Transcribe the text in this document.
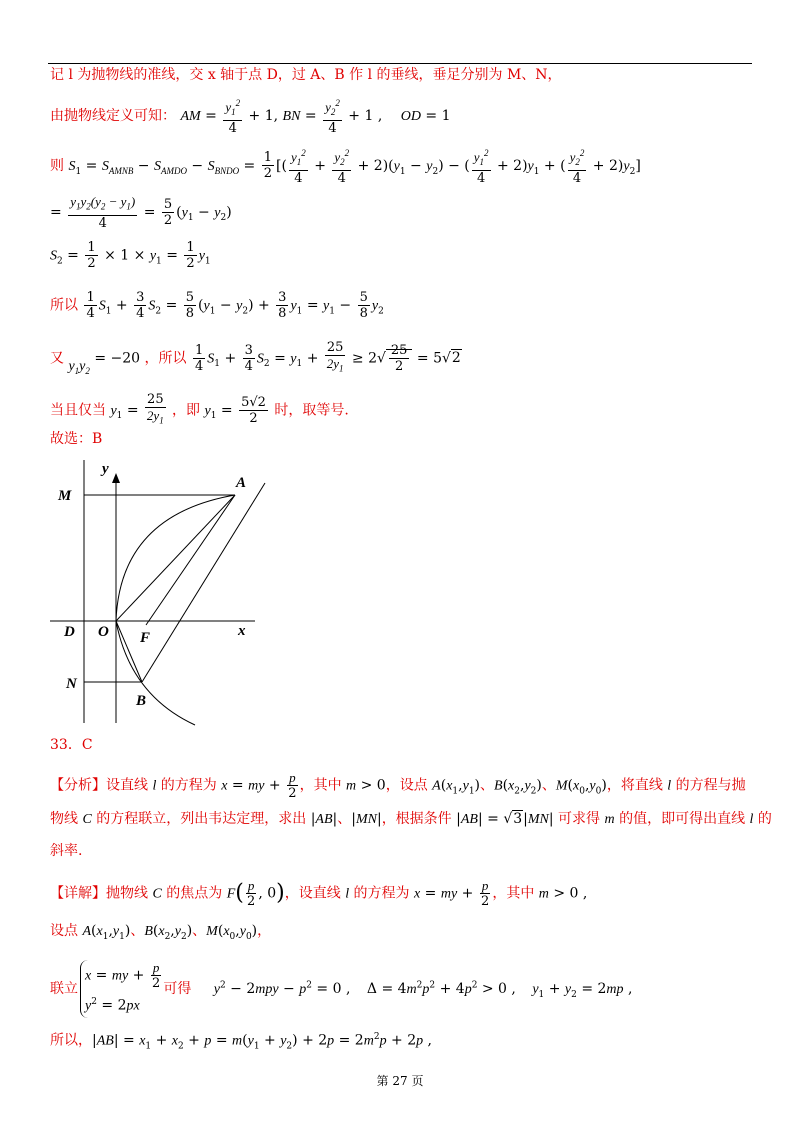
记 l 为抛物线的准线，交 x 轴于点 D，过 A、B 作 l 的垂线，垂足分别为 M、N，
由抛物线定义可知： AM = $\frac{y_1^2}{4} + 1$, BN = $\frac{y_2^2}{4} + 1$ , OD = 1
则 $S_1 = S_{AMNB} - S_{AMDO} - S_{BNDO} = \frac{1}{2}$ [( $\frac{y_1^2}{4} + \frac{y_2^2}{4} + 2)(y_1 - y_2)$ − ( $\frac{y_1^2}{4} + 2)y_1$ + ( $\frac{y_2^2}{4} + 2)y_2$]
= $\frac{y_1y_2(y_2 - y_1)}{4} = \frac{5}{2} (y_1 - y_2)$
$S_2 = \frac{1}{2} \times 1 \times y_1 = \frac{1}{2} y_1$
所以 $\frac{1}{4} S_1 + \frac{3}{4} S_2 = \frac{5}{8} (y_1 - y_2) + \frac{3}{8} y_1 = y_1 - \frac{5}{8} y_2$
又 $y_1y_2 = -20$ ，所以 $\frac{1}{4} S_1 + \frac{3}{4} S_2 = y_1 + \frac{25}{2y_1} \ge 2√ \frac{25}{2} = 5√2$
当且仅当 $y_1 = \frac{25}{2y_1}$ ，即 $y_1 = \frac{5√2}{2}$ 时，取等号.
故选：B
y
x
M
A
D O F
N
B
33．C
【分析】设直线 l 的方程为 x = my + $\frac{p}{2}$ ，其中 m > 0，设点 $A(x_1,y_1)$、$B(x_2,y_2)$、$M(x_0,y_0)$，将直线 l 的方程与抛
物线 C 的方程联立，列出韦达定理，求出 |AB|、|MN|，根据条件 |AB| = √3|MN| 可求得 m 的值，即可得出直线 l 的
斜率.
【详解】抛物线 C 的焦点为 $F( \frac{p}{2}$ , 0)，设直线 l 的方程为 x = my + $\frac{p}{2}$ ，其中 m > 0 ,
设点 $A(x_1,y_1)$、$B(x_2,y_2)$、$M(x_0,y_0)$，
联立x = my + $\frac{p}{2}$

$y^2 = 2px$可得 $y^2 - 2mpy - p^2 = 0$ , $\Delta = 4m^2p^2 + 4p^2 > 0$ , $y_1 + y_2 = 2mp$ ,
所以，$|AB| = x_1 + x_2 + p = m(y_1 + y_2) + 2p = 2m^2p + 2p$ ,
第 27 页
